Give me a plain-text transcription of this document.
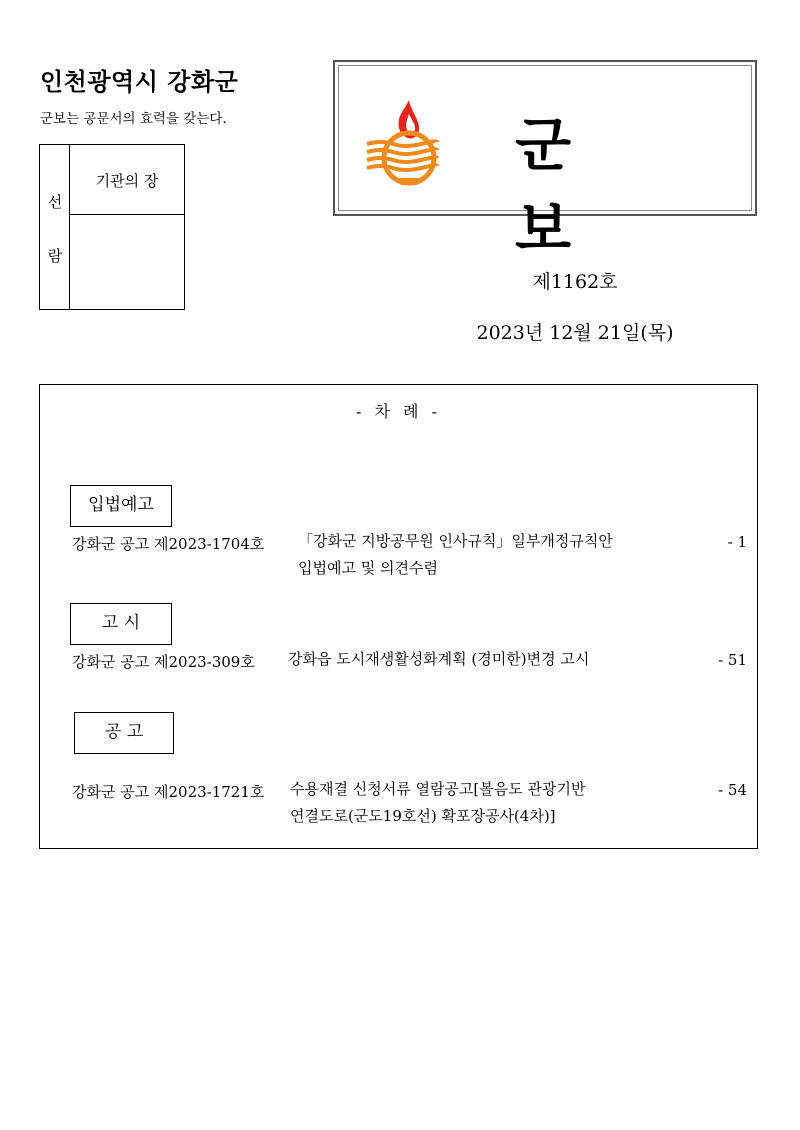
인천광역시 강화군
군보는 공문서의 효력을 갖는다.
선
람
기관의 장
군 보
제1162호
2023년 12월 21일(목)
- 차 례 -
입법예고
강화군 공고 제2023-1704호 「강화군 지방공무원 인사규칙」일부개정규칙안
입법예고 및 의견수렴
- 1
고 시
강화군 공고 제2023-309호 강화읍 도시재생활성화계획 (경미한)변경 고시	- 51
공 고
강화군 공고 제2023-1721호 수용재결 신청서류 열람공고[볼음도 관광기반
연결도로(군도19호선) 확포장공사(4차)]
- 54
